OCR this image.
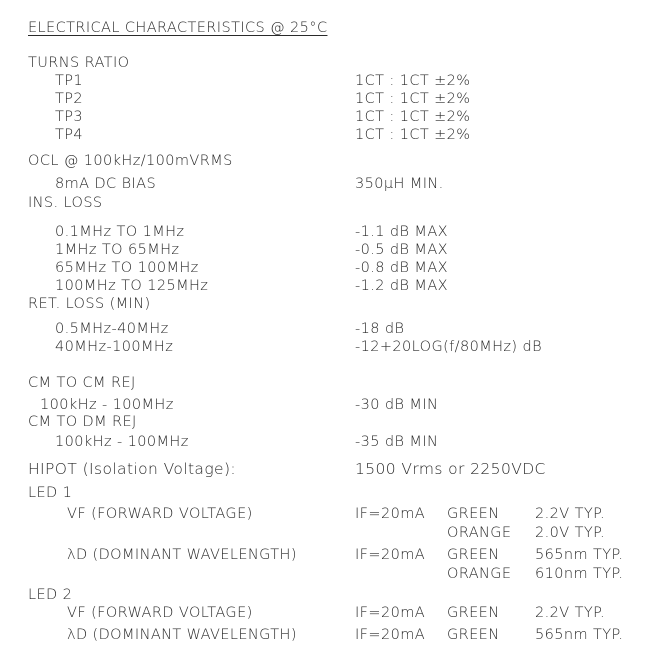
ELECTRICAL CHARACTERISTICS @ 25°C
TURNS RATIO
TP1	1CT : 1CT ±2%
TP2	1CT : 1CT ±2%
TP3	1CT : 1CT ±2%
TP4	1CT : 1CT ±2%
OCL @ 100kHz/100mVRMS
8mA DC BIAS	350µH MIN.
INS. LOSS
0.1MHz TO 1MHz	-1.1 dB MAX
1MHz TO 65MHz	-0.5 dB MAX
65MHz TO 100MHz	-0.8 dB MAX
100MHz TO 125MHz	-1.2 dB MAX
RET. LOSS (MIN)
0.5MHz-40MHz	-18 dB
40MHz-100MHz	-12+20LOG(f/80MHz) dB
CM TO CM REJ
100kHz - 100MHz	-30 dB MIN
CM TO DM REJ
100kHz - 100MHz	-35 dB MIN
HIPOT (Isolation Voltage):	1500 Vrms or 2250VDC
LED 1
VF (FORWARD VOLTAGE)	IF=20mA GREEN 2.2V TYP.
ORANGE 2.0V TYP.
λD (DOMINANT WAVELENGTH)	IF=20mA GREEN 565nm TYP.
ORANGE 610nm TYP.
LED 2
VF (FORWARD VOLTAGE)	IF=20mA GREEN 2.2V TYP.
λD (DOMINANT WAVELENGTH)	IF=20mA GREEN 565nm TYP.
